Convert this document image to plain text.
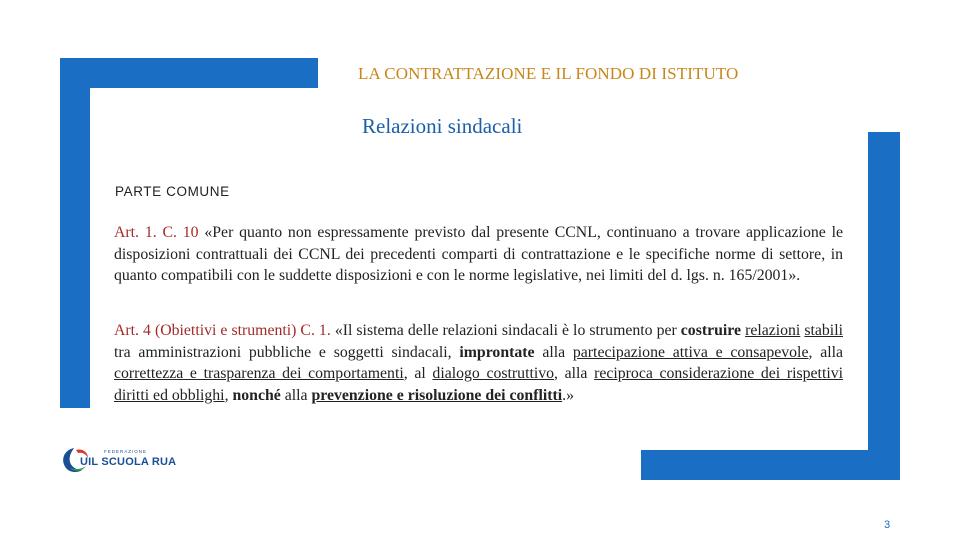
LA CONTRATTAZIONE E IL FONDO DI ISTITUTO
Relazioni sindacali
PARTE COMUNE
Art. 1. C. 10 «Per quanto non espressamente previsto dal presente CCNL, continuano a trovare applicazione le disposizioni contrattuali dei CCNL dei precedenti comparti di contrattazione e le specifiche norme di settore, in quanto compatibili con le suddette disposizioni e con le norme legislative, nei limiti del d. lgs. n. 165/2001».
Art. 4 (Obiettivi e strumenti) C. 1. «Il sistema delle relazioni sindacali è lo strumento per costruire relazioni stabili tra amministrazioni pubbliche e soggetti sindacali, improntate alla partecipazione attiva e consapevole, alla correttezza e trasparenza dei comportamenti, al dialogo costruttivo, alla reciproca considerazione dei rispettivi diritti ed obblighi, nonché alla prevenzione e risoluzione dei conflitti.»
FEDERAZIONE
UIL SCUOLA RUA
3
